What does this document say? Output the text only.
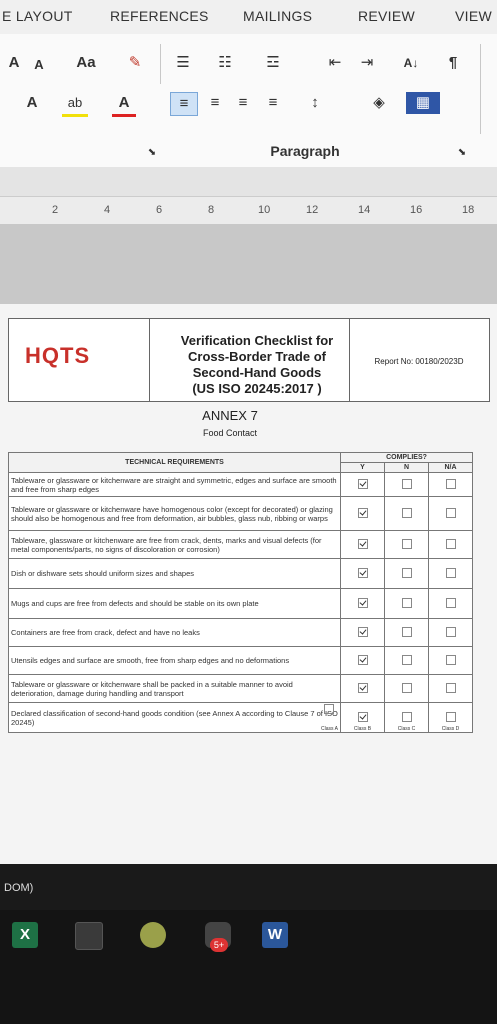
E LAYOUT	REFERENCES MAILINGS	REVIEW	VIEW
A	A	Aa	✎	☰	☷	☲	⇤	⇥	A↓	¶
A	ab	A	≡	≡	≡	≡	↕	◈	▦
⬊	Paragraph	⬊
2	4	6	8	10	12	14	16	18
HQTS
Verification Checklist for
Cross-Border Trade of
Second-Hand Goods
(US ISO 20245:2017 )
Report No: 00180/2023D
ANNEX 7
Food Contact
TECHNICAL REQUIREMENTS	COMPLIES?		
	Y	N	N/A
Tableware or glassware or kitchenware are straight and symmetric, edges and surface are smooth and free from sharp edges			
Tableware or glassware or kitchenware have homogenous color (except for decorated) or glazing should also be homogenous and free from deformation, air bubbles, glass nub, ribbing or warps			
Tableware, glassware or kitchenware are free from crack, dents, marks and visual defects (for metal components/parts, no signs of discoloration or corrosion)			
Dish or dishware sets should uniform sizes and shapes			
Mugs and cups are free from defects and should be stable on its own plate			
Containers are free from crack, defect and have no leaks			
Utensils edges and surface are smooth, free from sharp edges and no deformations			
Tableware or glassware or kitchenware shall be packed in a suitable manner to avoid deterioration, damage during handling and transport			
Declared classification of second-hand goods condition (see Annex A according to Clause 7 of ISO 20245)
Class A	Class B	Class C	Class D
DOM)
X
5+
W
